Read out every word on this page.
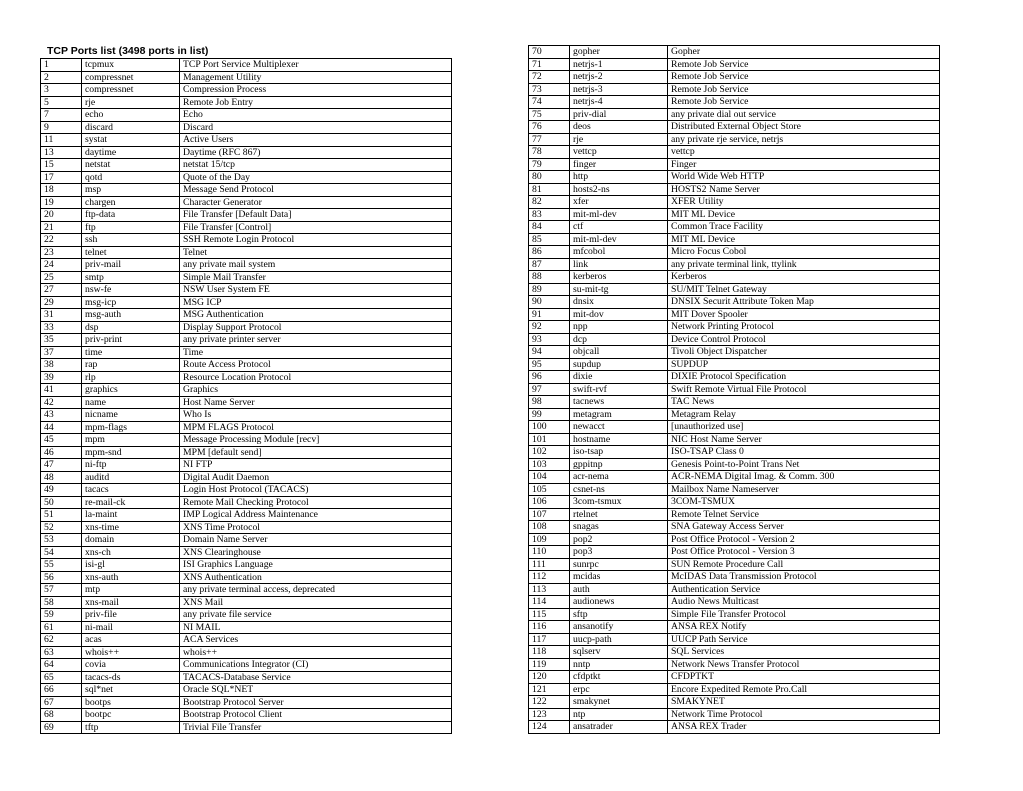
TCP Ports list (3498 ports in list)
1	tcpmux	TCP Port Service Multiplexer
2	compressnet	Management Utility
3	compressnet	Compression Process
5	rje	Remote Job Entry
7	echo	Echo
9	discard	Discard
11	systat	Active Users
13	daytime	Daytime (RFC 867)
15	netstat	netstat 15/tcp
17	qotd	Quote of the Day
18	msp	Message Send Protocol
19	chargen	Character Generator
20	ftp-data	File Transfer [Default Data]
21	ftp	File Transfer [Control]
22	ssh	SSH Remote Login Protocol
23	telnet	Telnet
24	priv-mail	any private mail system
25	smtp	Simple Mail Transfer
27	nsw-fe	NSW User System FE
29	msg-icp	MSG ICP
31	msg-auth	MSG Authentication
33	dsp	Display Support Protocol
35	priv-print	any private printer server
37	time	Time
38	rap	Route Access Protocol
39	rlp	Resource Location Protocol
41	graphics	Graphics
42	name	Host Name Server
43	nicname	Who Is
44	mpm-flags	MPM FLAGS Protocol
45	mpm	Message Processing Module [recv]
46	mpm-snd	MPM [default send]
47	ni-ftp	NI FTP
48	auditd	Digital Audit Daemon
49	tacacs	Login Host Protocol (TACACS)
50	re-mail-ck	Remote Mail Checking Protocol
51	la-maint	IMP Logical Address Maintenance
52	xns-time	XNS Time Protocol
53	domain	Domain Name Server
54	xns-ch	XNS Clearinghouse
55	isi-gl	ISI Graphics Language
56	xns-auth	XNS Authentication
57	mtp	any private terminal access, deprecated
58	xns-mail	XNS Mail
59	priv-file	any private file service
61	ni-mail	NI MAIL
62	acas	ACA Services
63	whois++	whois++
64	covia	Communications Integrator (CI)
65	tacacs-ds	TACACS-Database Service
66	sql*net	Oracle SQL*NET
67	bootps	Bootstrap Protocol Server
68	bootpc	Bootstrap Protocol Client
69	tftp	Trivial File Transfer
70	gopher	Gopher
71	netrjs-1	Remote Job Service
72	netrjs-2	Remote Job Service
73	netrjs-3	Remote Job Service
74	netrjs-4	Remote Job Service
75	priv-dial	any private dial out service
76	deos	Distributed External Object Store
77	rje	any private rje service, netrjs
78	vettcp	vettcp
79	finger	Finger
80	http	World Wide Web HTTP
81	hosts2-ns	HOSTS2 Name Server
82	xfer	XFER Utility
83	mit-ml-dev	MIT ML Device
84	ctf	Common Trace Facility
85	mit-ml-dev	MIT ML Device
86	mfcobol	Micro Focus Cobol
87	link	any private terminal link, ttylink
88	kerberos	Kerberos
89	su-mit-tg	SU/MIT Telnet Gateway
90	dnsix	DNSIX Securit Attribute Token Map
91	mit-dov	MIT Dover Spooler
92	npp	Network Printing Protocol
93	dcp	Device Control Protocol
94	objcall	Tivoli Object Dispatcher
95	supdup	SUPDUP
96	dixie	DIXIE Protocol Specification
97	swift-rvf	Swift Remote Virtual File Protocol
98	tacnews	TAC News
99	metagram	Metagram Relay
100	newacct	[unauthorized use]
101	hostname	NIC Host Name Server
102	iso-tsap	ISO-TSAP Class 0
103	gppitnp	Genesis Point-to-Point Trans Net
104	acr-nema	ACR-NEMA Digital Imag. & Comm. 300
105	csnet-ns	Mailbox Name Nameserver
106	3com-tsmux	3COM-TSMUX
107	rtelnet	Remote Telnet Service
108	snagas	SNA Gateway Access Server
109	pop2	Post Office Protocol - Version 2
110	pop3	Post Office Protocol - Version 3
111	sunrpc	SUN Remote Procedure Call
112	mcidas	McIDAS Data Transmission Protocol
113	auth	Authentication Service
114	audionews	Audio News Multicast
115	sftp	Simple File Transfer Protocol
116	ansanotify	ANSA REX Notify
117	uucp-path	UUCP Path Service
118	sqlserv	SQL Services
119	nntp	Network News Transfer Protocol
120	cfdptkt	CFDPTKT
121	erpc	Encore Expedited Remote Pro.Call
122	smakynet	SMAKYNET
123	ntp	Network Time Protocol
124	ansatrader	ANSA REX Trader
